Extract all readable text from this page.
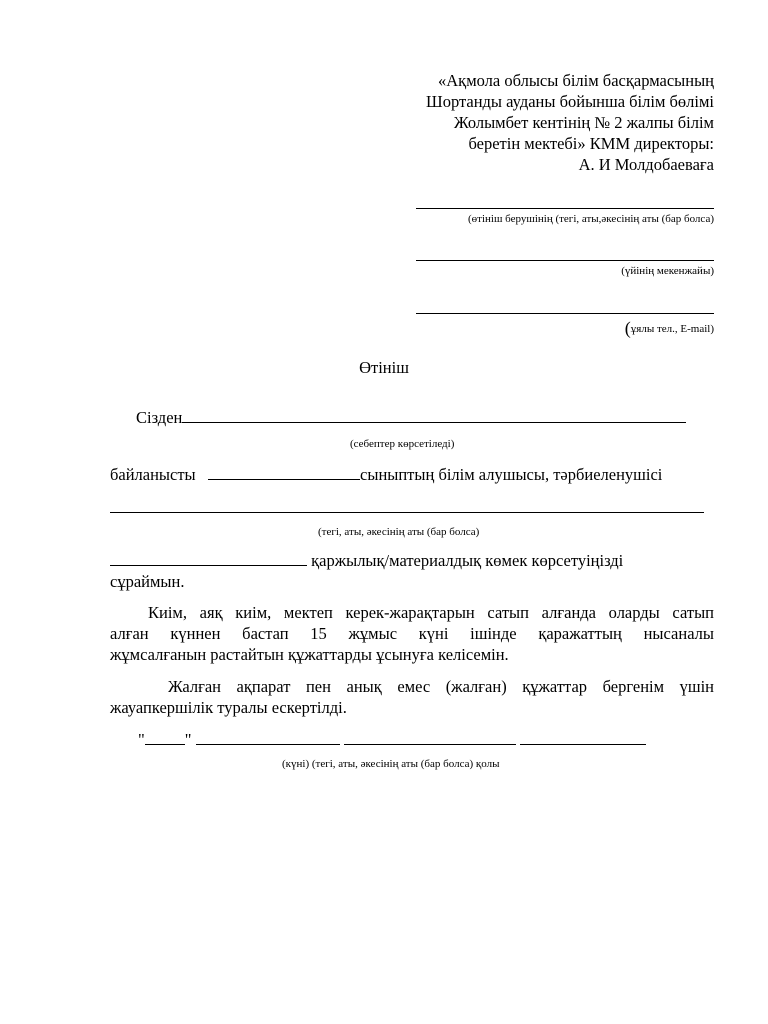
«Ақмола облысы білім басқармасының
Шортанды ауданы бойынша білім бөлімі
Жолымбет кентінің № 2 жалпы білім
беретін мектебі» КММ директоры:
А. И Молдобаеваға
(өтініш берушінің (тегі, аты,әкесінің аты (бар болса)
(үйінің мекенжайы)
(ұялы тел., E-mail)
Өтініш
Сізден
(себептер көрсетіледі)
байланысты	сыныптың білім алушысы, тәрбиеленушісі
(тегі, аты, әкесінің аты (бар болса)
қаржылық/материалдық көмек көрсетуіңізді
сұраймын.
Киім, аяқ киім, мектеп керек-жарақтарын сатып алғанда оларды сатып
алған күннен бастап 15 жұмыс күні ішінде қаражаттың нысаналы
жұмсалғанын растайтын құжаттарды ұсынуға келісемін.
Жалған ақпарат пен анық емес (жалған) құжаттар бергенім үшін
жауапкершілік туралы ескертілді.
" "
(күні) (тегі, аты, әкесінің аты (бар болса) қолы
